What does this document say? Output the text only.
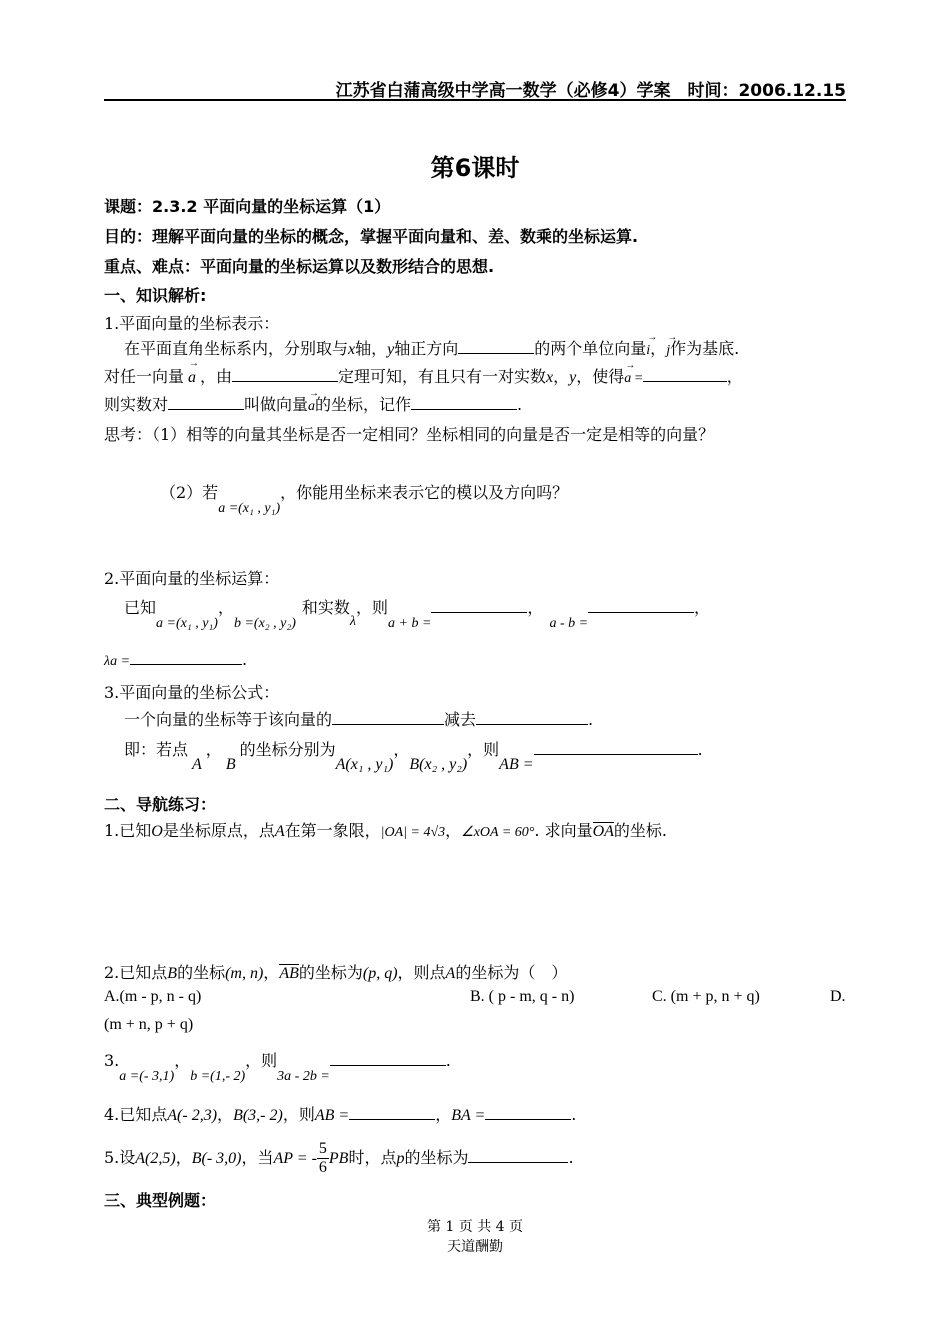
江苏省白蒲高级中学高一数学（必修4）学案　时间：2006.12.15
第6课时
课题：2.3.2 平面向量的坐标运算（1）
目的：理解平面向量的坐标的概念，掌握平面向量和、差、数乘的坐标运算.
重点、难点：平面向量的坐标运算以及数形结合的思想.
一、知识解析:
1.平面向量的坐标表示：
在平面直角坐标系内，分别取与x轴，y轴正方向	的两个单位向量→ i，→ j作为基底.
对任一向量→ a ，由	定理可知，有且只有一对实数x，y，使得→ a =	，
则实数对	叫做向量→ a的坐标，记作	.
思考：（1）相等的向量其坐标是否一定相同？坐标相同的向量是否一定是相等的向量？
（2）若a =(x₁ , y₁)，你能用坐标来表示它的模以及方向吗？
2.平面向量的坐标运算：
已知a =(x₁ , y₁)，b =(x₂ , y₂)和实数λ，则a + b =，a - b =，
λa =	.
3.平面向量的坐标公式：
一个向量的坐标等于该向量的	减去	.
即：若点A，B的坐标分别为A(x₁ , y₁)，B(x₂ , y₂)，则AB =.
二、导航练习：
1.已知O是坐标原点，点A在第一象限，|OA| = 4√3，∠xOA = 60°. 求向量OA的坐标.
2.已知点B的坐标(m, n)，AB的坐标为(p, q)，则点A的坐标为（　）
A.(m - p, n - q)	B. ( p - m, q - n)	C. (m + p, n + q)	D.
(m + n, p + q)
3.a =(- 3,1)，b =(1,- 2)，则3a - 2b =.
4.已知点A(- 2,3)，B(3,- 2)，则AB =	，BA =	.
5.设A(2,5)，B(- 3,0)，当AP = - $\frac{5}{6}$ PB时，点p的坐标为	.
三、典型例题：
第 1 页 共 4 页
天道酬勤
